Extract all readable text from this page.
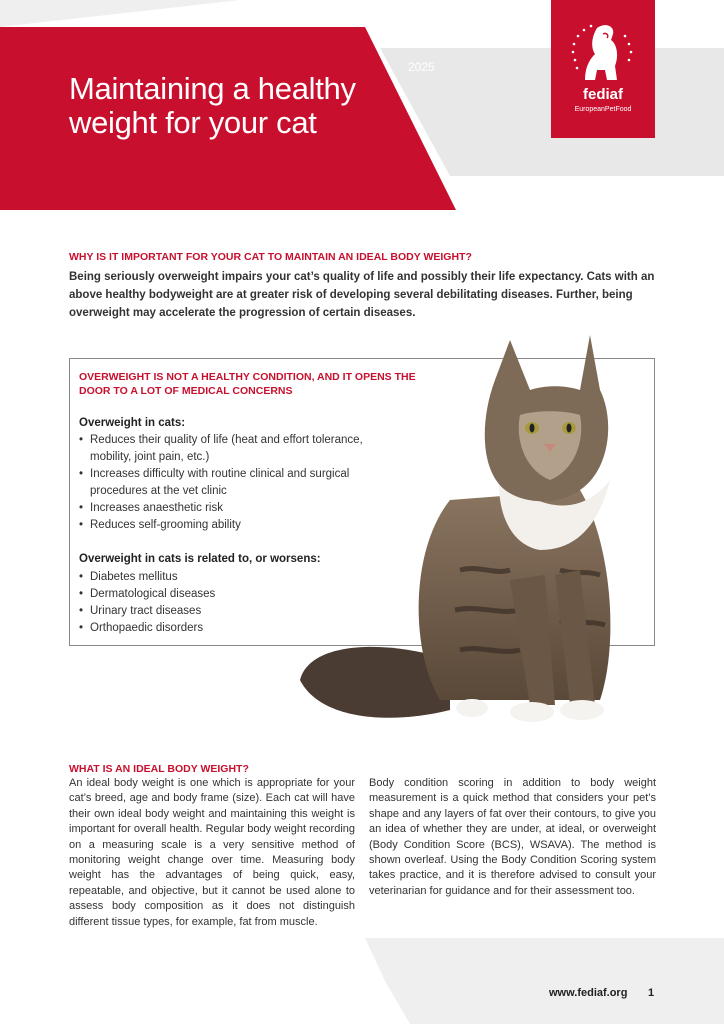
Maintaining a healthy weight for your cat
2025
fediaf
EuropeanPetFood
WHY IS IT IMPORTANT FOR YOUR CAT TO MAINTAIN AN IDEAL BODY WEIGHT?
Being seriously overweight impairs your cat’s quality of life and possibly their life expectancy. Cats with an above healthy bodyweight are at greater risk of developing several debilitating diseases. Further, being overweight may accelerate the progression of certain diseases.
OVERWEIGHT IS NOT A HEALTHY CONDITION, AND IT OPENS THE DOOR TO A LOT OF MEDICAL CONCERNS
Overweight in cats:
• Reduces their quality of life (heat and effort tolerance, mobility, joint pain, etc.)
• Increases difficulty with routine clinical and surgical procedures at the vet clinic
• Increases anaesthetic risk
• Reduces self-grooming ability
Overweight in cats is related to, or worsens:
• Diabetes mellitus
• Dermatological diseases
• Urinary tract diseases
• Orthopaedic disorders
WHAT IS AN IDEAL BODY WEIGHT?
An ideal body weight is one which is appropriate for your cat’s breed, age and body frame (size). Each cat will have their own ideal body weight and maintaining this weight is important for overall health. Regular body weight recording on a measuring scale is a very sensitive method of monitoring weight change over time. Measuring body weight has the advantages of being quick, easy, repeatable, and objective, but it cannot be used alone to assess body composition as it does not distinguish different tissue types, for example, fat from muscle.
Body condition scoring in addition to body weight measurement is a quick method that considers your pet’s shape and any layers of fat over their contours, to give you an idea of whether they are under, at ideal, or overweight (Body Condition Score (BCS), WSAVA). The method is shown overleaf. Using the Body Condition Scoring system takes practice, and it is therefore advised to consult your veterinarian for guidance and for their assessment too.
www.fediaf.org 1
